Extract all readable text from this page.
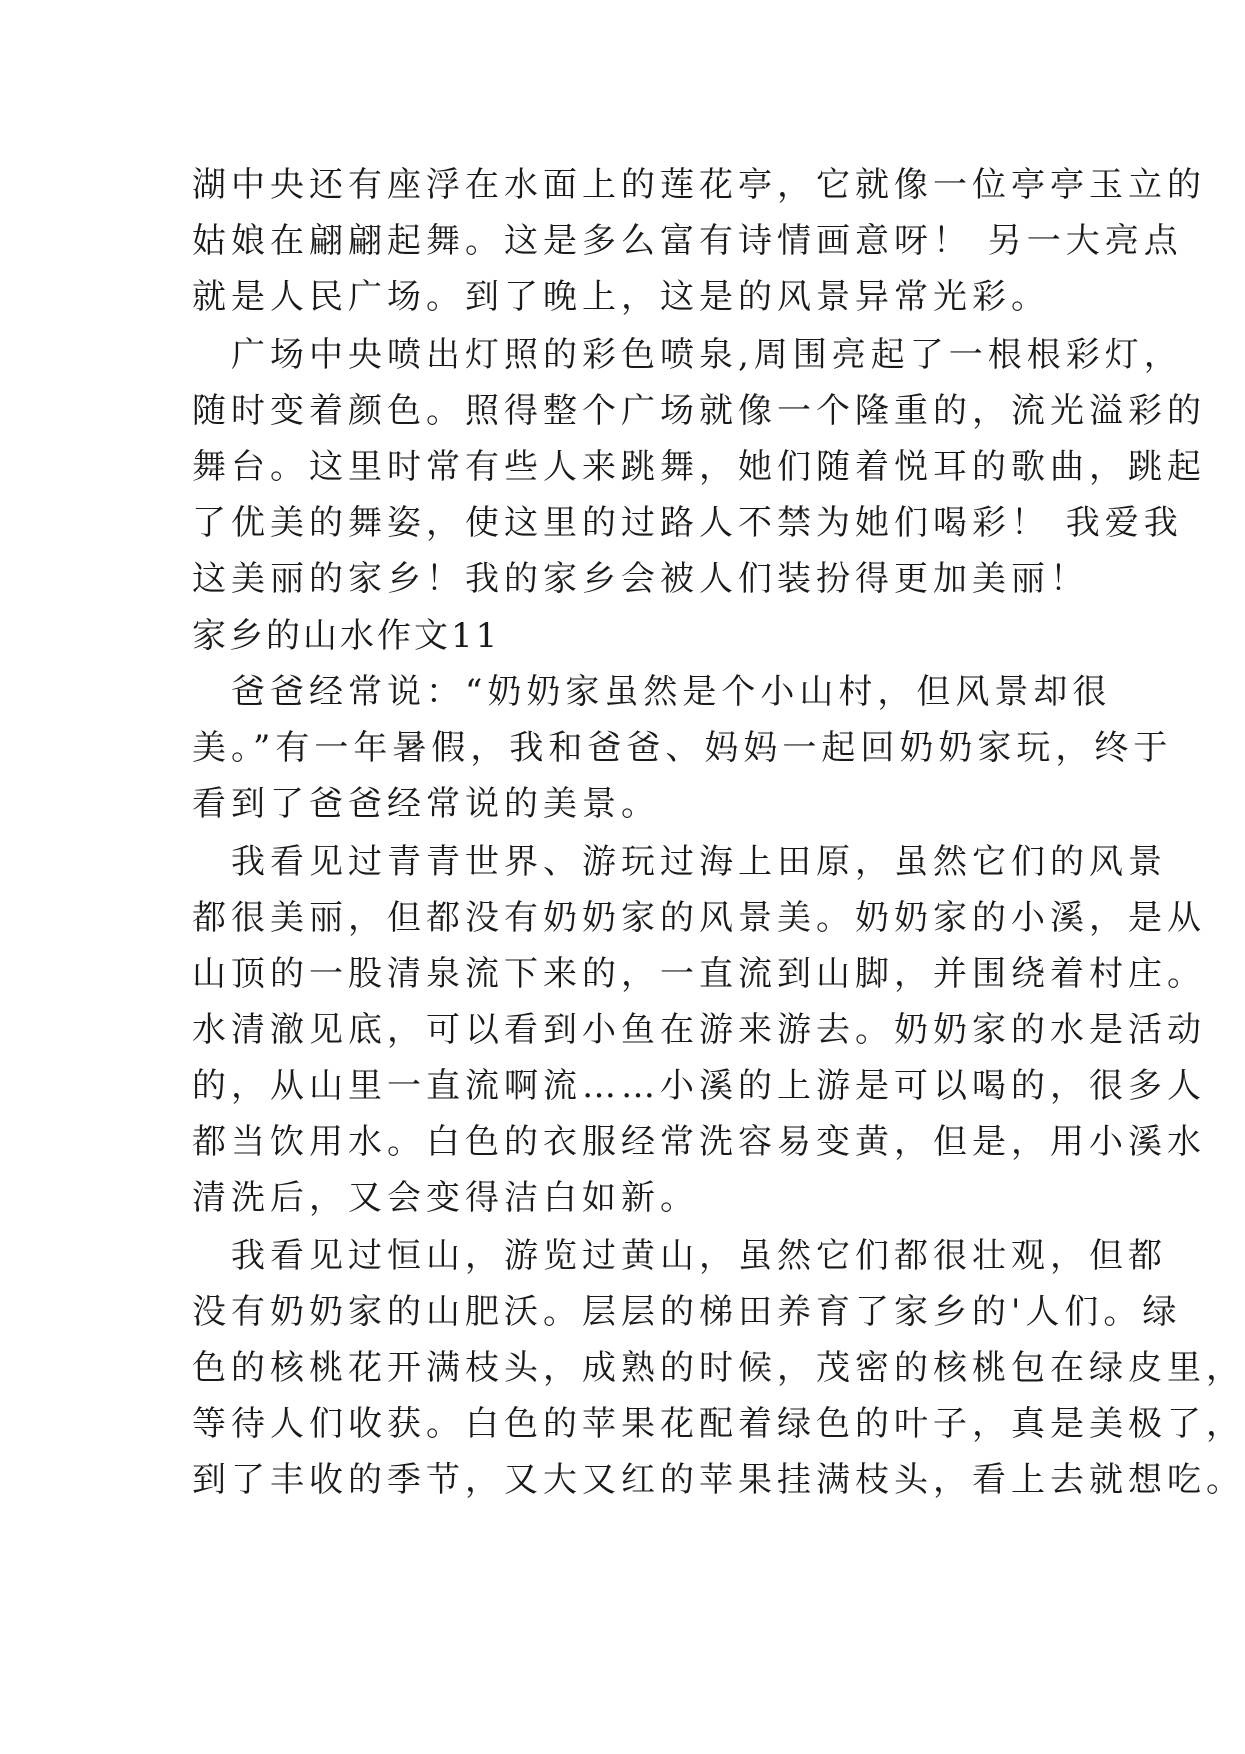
湖中央还有座浮在水面上的莲花亭，它就像一位亭亭玉立的
姑娘在翩翩起舞。这是多么富有诗情画意呀！ 另一大亮点
就是人民广场。到了晚上，这是的风景异常光彩。
　广场中央喷出灯照的彩色喷泉,周围亮起了一根根彩灯，
随时变着颜色。照得整个广场就像一个隆重的，流光溢彩的
舞台。这里时常有些人来跳舞，她们随着悦耳的歌曲，跳起
了优美的舞姿，使这里的过路人不禁为她们喝彩！ 我爱我
这美丽的家乡！我的家乡会被人们装扮得更加美丽！
家乡的山水作文11
　爸爸经常说：“奶奶家虽然是个小山村，但风景却很
美。”有一年暑假，我和爸爸、妈妈一起回奶奶家玩，终于
看到了爸爸经常说的美景。
　我看见过青青世界、游玩过海上田原，虽然它们的风景
都很美丽，但都没有奶奶家的风景美。奶奶家的小溪，是从
山顶的一股清泉流下来的，一直流到山脚，并围绕着村庄。
水清澈见底，可以看到小鱼在游来游去。奶奶家的水是活动
的，从山里一直流啊流……小溪的上游是可以喝的，很多人
都当饮用水。白色的衣服经常洗容易变黄，但是，用小溪水
清洗后，又会变得洁白如新。
　我看见过恒山，游览过黄山，虽然它们都很壮观，但都
没有奶奶家的山肥沃。层层的梯田养育了家乡的'人们。绿
色的核桃花开满枝头，成熟的时候，茂密的核桃包在绿皮里，
等待人们收获。白色的苹果花配着绿色的叶子，真是美极了，
到了丰收的季节，又大又红的苹果挂满枝头，看上去就想吃。
